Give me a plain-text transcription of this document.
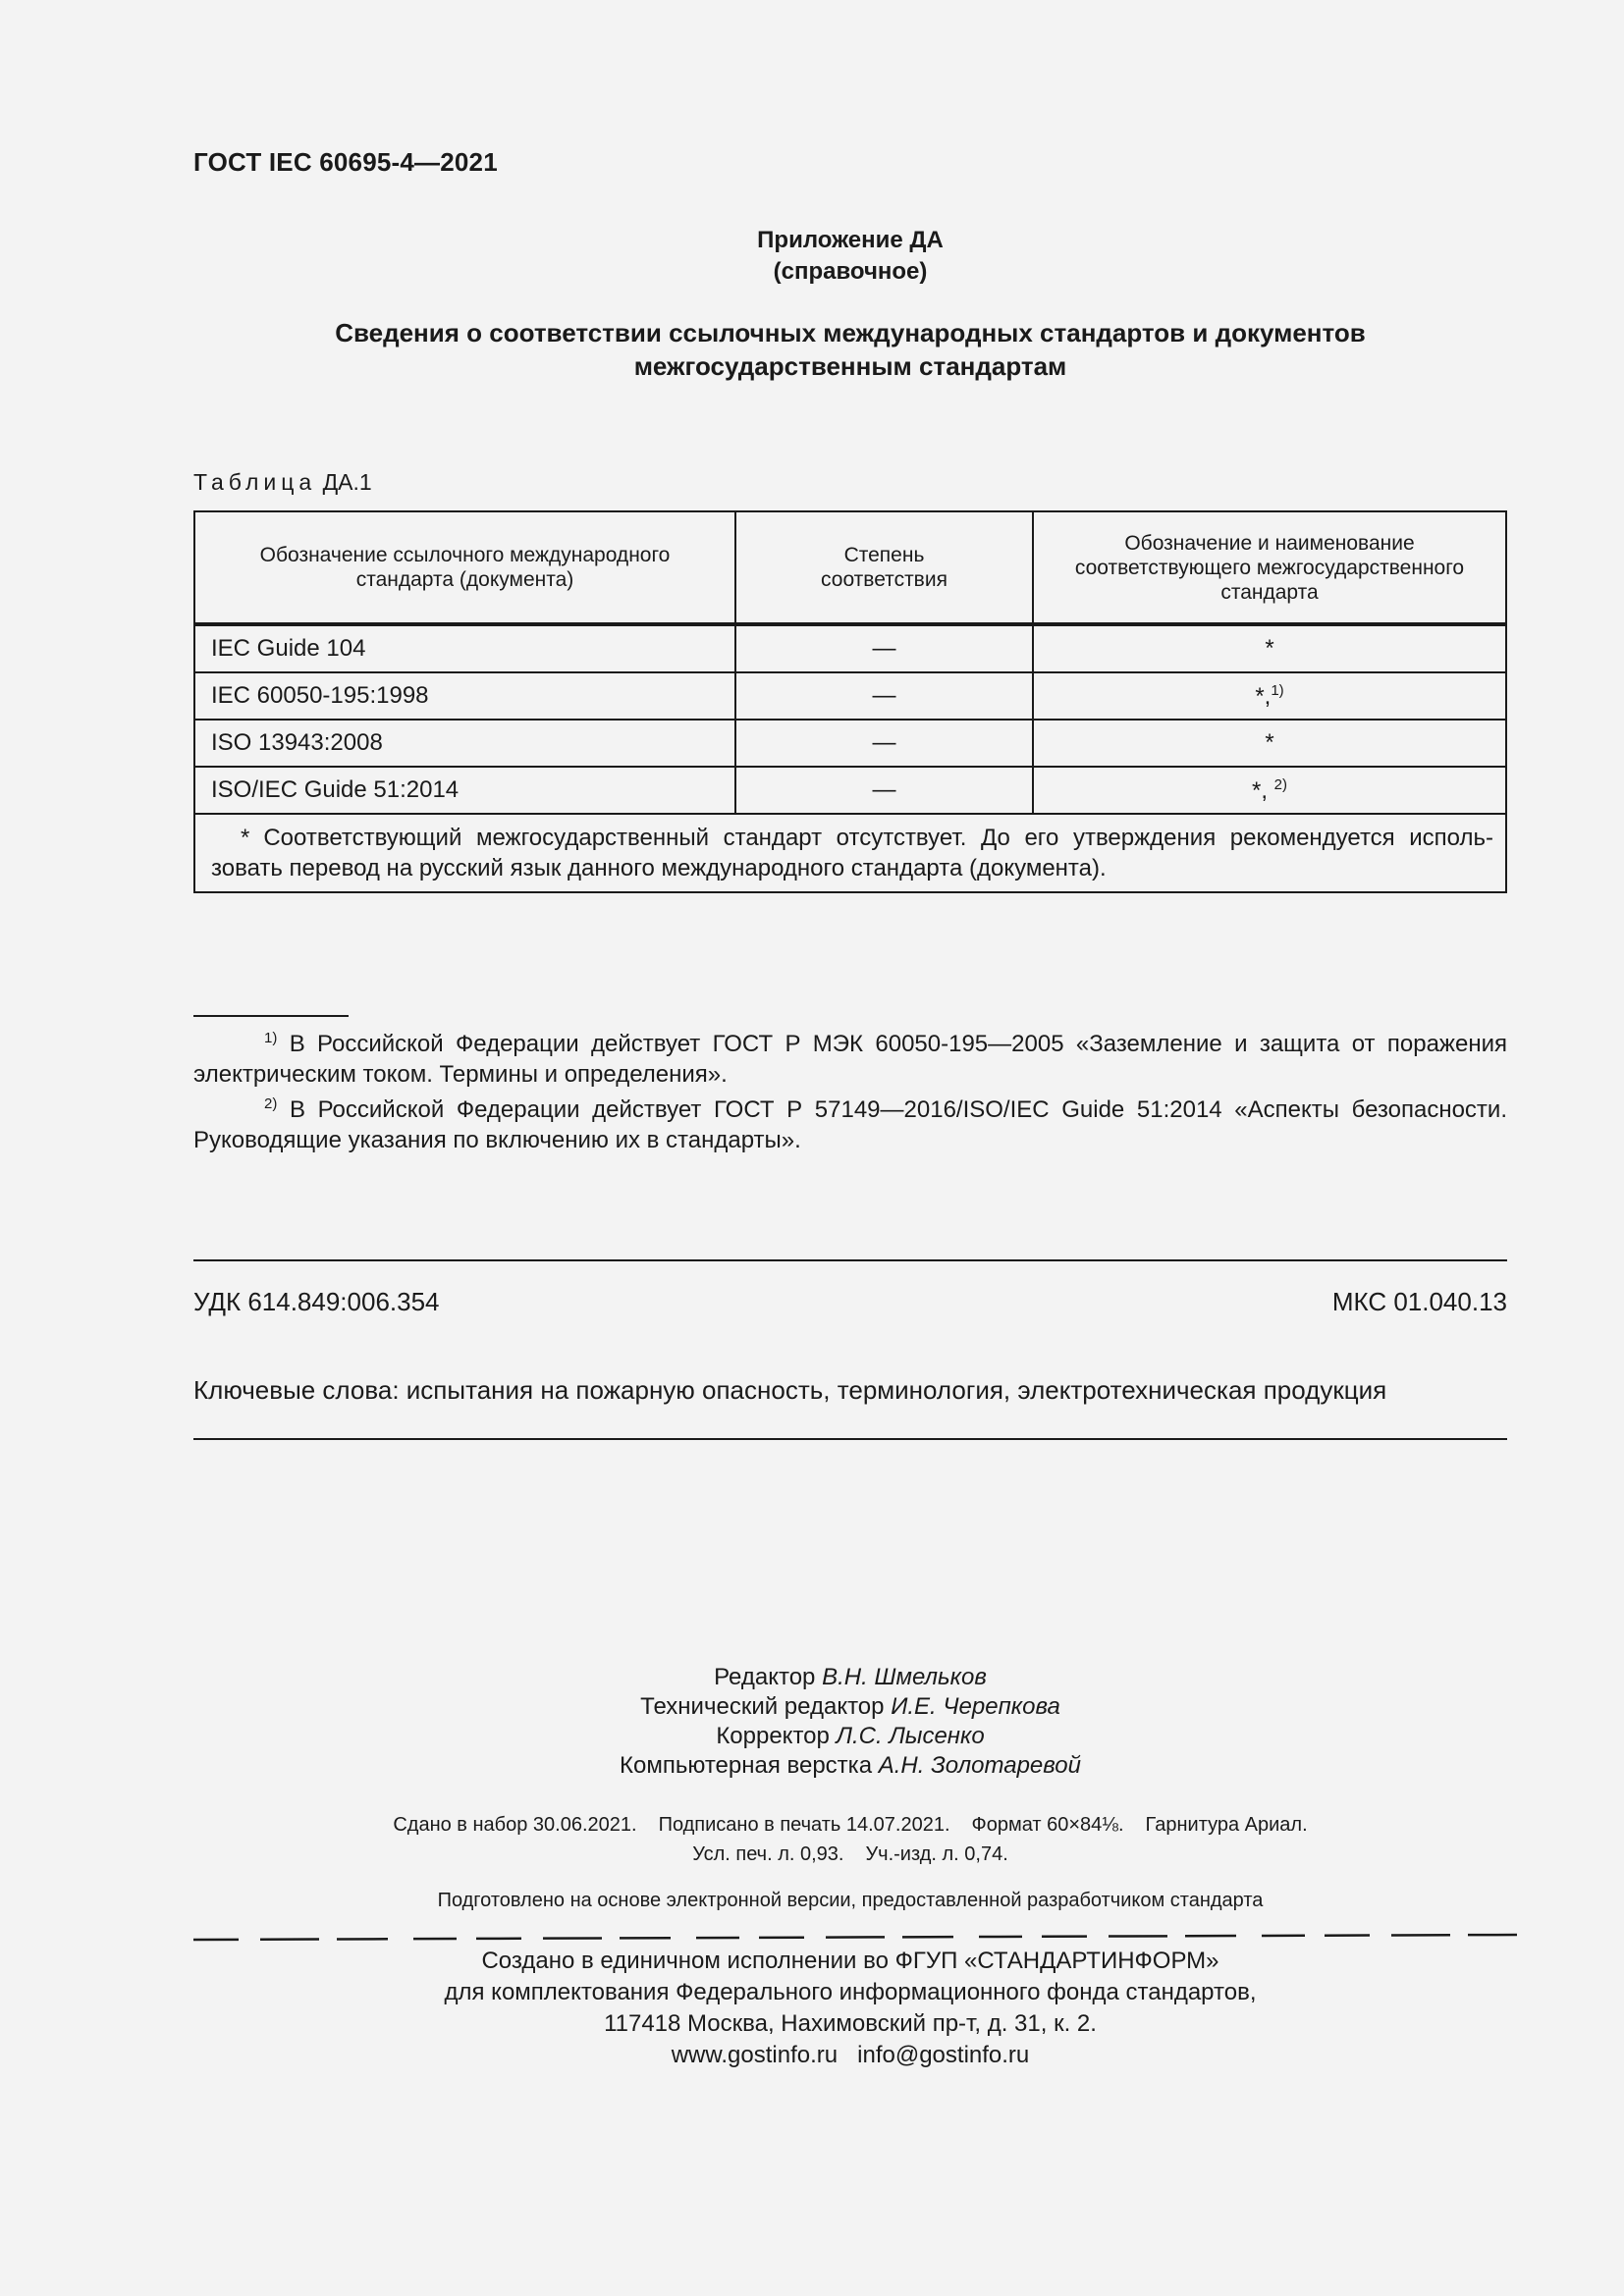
ГОСТ IEC 60695-4—2021
Приложение ДА
(справочное)
Сведения о соответствии ссылочных международных стандартов и документов
межгосударственным стандартам
Таблица ДА.1
Обозначение ссылочного международного стандарта (документа)	Степень соответствия	Обозначение и наименование соответствующего межгосударственного стандарта
IEC Guide 104	—	*
IEC 60050-195:1998	—	*,$^{1)}$
ISO 13943:2008	—	*
ISO/IEC Guide 51:2014	—	*, $^{2)}$
* Соответствующий межгосударственный стандарт отсутствует. До его утверждения рекомендуется использовать перевод на русский язык данного международного стандарта (документа).		
$^{1)}$ В Российской Федерации действует ГОСТ Р МЭК 60050-195—2005 «Заземление и защита от поражения электрическим током. Термины и определения».
$^{2)}$ В Российской Федерации действует ГОСТ Р 57149—2016/ISO/IEC Guide 51:2014 «Аспекты безопасности. Руководящие указания по включению их в стандарты».
УДК 614.849:006.354	МКС 01.040.13
Ключевые слова: испытания на пожарную опасность, терминология, электротехническая продукция
Редактор В.Н. Шмельков
Технический редактор И.Е. Черепкова
Корректор Л.С. Лысенко
Компьютерная верстка А.Н. Золотаревой
Сдано в набор 30.06.2021. Подписано в печать 14.07.2021. Формат 60×84⅛. Гарнитура Ариал.
Усл. печ. л. 0,93. Уч.-изд. л. 0,74.
Подготовлено на основе электронной версии, предоставленной разработчиком стандарта
Создано в единичном исполнении во ФГУП «СТАНДАРТИНФОРМ»
для комплектования Федерального информационного фонда стандартов,
117418 Москва, Нахимовский пр-т, д. 31, к. 2.
www.gostinfo.ru info@gostinfo.ru
